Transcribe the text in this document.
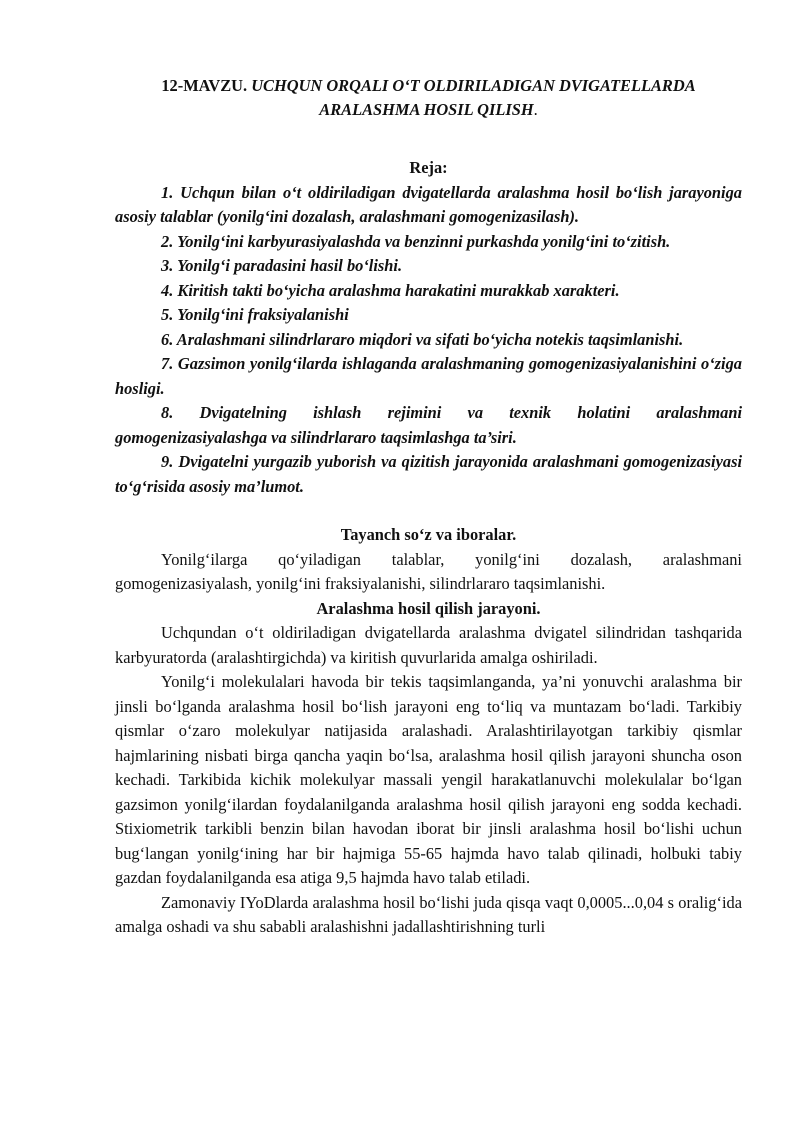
12-MAVZU. UCHQUN ORQALI O‘T OLDIRILADIGAN DVIGATELLARDA
ARALASHMA HOSIL QILISH.
Reja:
1. Uchqun bilan o‘t oldiriladigan dvigatellarda aralashma hosil bo‘lish jarayoniga asosiy talablar (yonilg‘ini dozalash, aralashmani gomogenizasilash).
2. Yonilg‘ini karbyurasiyalashda va benzinni purkashda yonilg‘ini to‘zitish.
3. Yonilg‘i paradasini hasil bo‘lishi.
4. Kiritish takti bo‘yicha aralashma harakatini murakkab xarakteri.
5. Yonilg‘ini fraksiyalanishi
6. Aralashmani silindrlararo miqdori va sifati bo‘yicha notekis taqsimlanishi.
7. Gazsimon yonilg‘ilarda ishlaganda aralashmaning gomogenizasiyalanishini o‘ziga hosligi.
8. Dvigatelning ishlash rejimini va texnik holatini aralashmani gomogenizasiyalashga va silindrlararo taqsimlashga ta’siri.
9. Dvigatelni yurgazib yuborish va qizitish jarayonida aralashmani gomogenizasiyasi to‘g‘risida asosiy ma’lumot.
Tayanch so‘z va iboralar.

Yonilg‘ilarga qo‘yiladigan talablar, yonilg‘ini dozalash, aralashmani gomogenizasiyalash, yonilg‘ini fraksiyalanishi, silindrlararo taqsimlanishi.

Aralashma hosil qilish jarayoni.

Uchqundan o‘t oldiriladigan dvigatellarda aralashma dvigatel silindridan tashqarida karbyuratorda (aralashtirgichda) va kiritish quvurlarida amalga oshiriladi.

Yonilg‘i molekulalari havoda bir tekis taqsimlanganda, ya’ni yonuvchi aralashma bir jinsli bo‘lganda aralashma hosil bo‘lish jarayoni eng to‘liq va muntazam bo‘ladi. Tarkibiy qismlar o‘zaro molekulyar natijasida aralashadi. Aralashtirilayotgan tarkibiy qismlar hajmlarining nisbati birga qancha yaqin bo‘lsa, aralashma hosil qilish jarayoni shuncha oson kechadi. Tarkibida kichik molekulyar massali yengil harakatlanuvchi molekulalar bo‘lgan gazsimon yonilg‘ilardan foydalanilganda aralashma hosil qilish jarayoni eng sodda kechadi. Stixiometrik tarkibli benzin bilan havodan iborat bir jinsli aralashma hosil bo‘lishi uchun bug‘langan yonilg‘ining har bir hajmiga 55-65 hajmda havo talab qilinadi, holbuki tabiy gazdan foydalanilganda esa atiga 9,5 hajmda havo talab etiladi.

Zamonaviy IYoDlarda aralashma hosil bo‘lishi juda qisqa vaqt 0,0005...0,04 s oralig‘ida amalga oshadi va shu sababli aralashishni jadallashtirishning turli
